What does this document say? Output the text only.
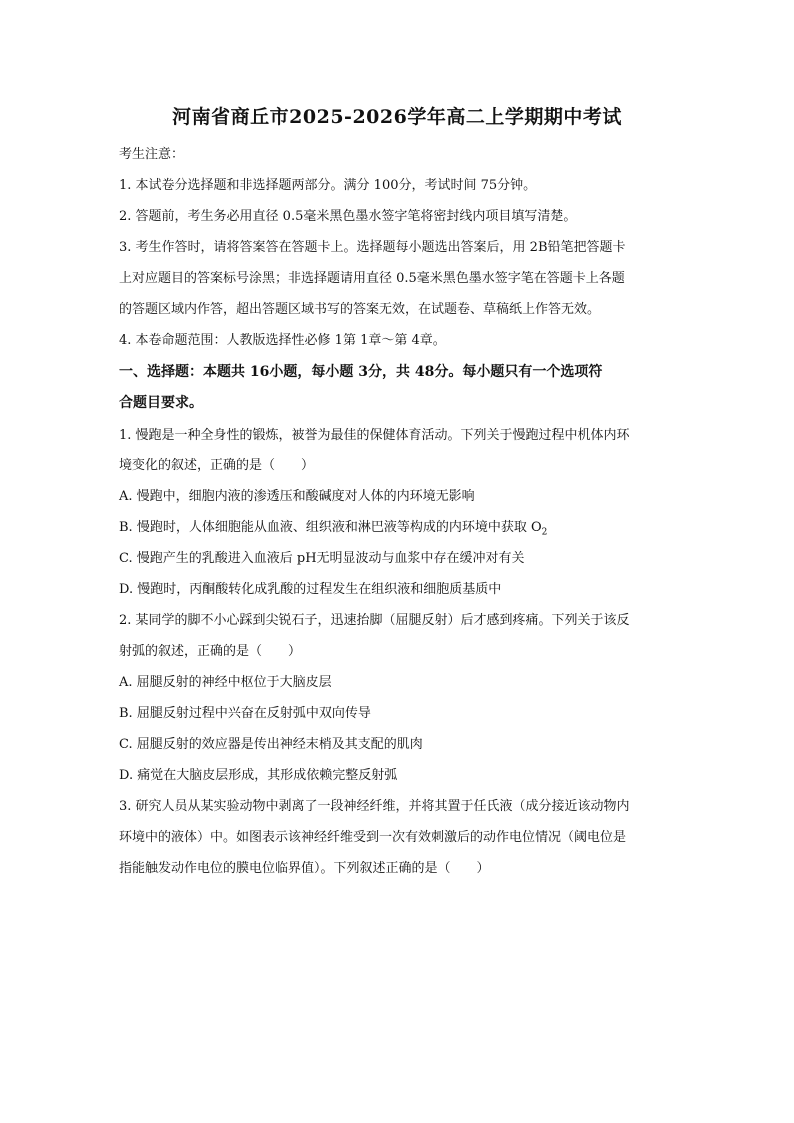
河南省商丘市2025-2026学年高二上学期期中考试
考生注意：
1. 本试卷分选择题和非选择题两部分。满分 100分，考试时间 75分钟。
2. 答题前，考生务必用直径 0.5毫米黑色墨水签字笔将密封线内项目填写清楚。
3. 考生作答时，请将答案答在答题卡上。选择题每小题选出答案后，用 2B铅笔把答题卡
上对应题目的答案标号涂黑；非选择题请用直径 0.5毫米黑色墨水签字笔在答题卡上各题
的答题区域内作答，超出答题区域书写的答案无效，在试题卷、草稿纸上作答无效。
4. 本卷命题范围：人教版选择性必修 1第 1章～第 4章。
一、选择题：本题共 16小题，每小题 3分，共 48分。每小题只有一个选项符
合题目要求。
1. 慢跑是一种全身性的锻炼，被誉为最佳的保健体育活动。下列关于慢跑过程中机体内环
境变化的叙述，正确的是（　　）
A. 慢跑中，细胞内液的渗透压和酸碱度对人体的内环境无影响
B. 慢跑时，人体细胞能从血液、组织液和淋巴液等构成的内环境中获取 $O_2$
C. 慢跑产生的乳酸进入血液后 pH无明显波动与血浆中存在缓冲对有关
D. 慢跑时，丙酮酸转化成乳酸的过程发生在组织液和细胞质基质中
2. 某同学的脚不小心踩到尖锐石子，迅速抬脚（屈腿反射）后才感到疼痛。下列关于该反
射弧的叙述，正确的是（　　）
A. 屈腿反射的神经中枢位于大脑皮层
B. 屈腿反射过程中兴奋在反射弧中双向传导
C. 屈腿反射的效应器是传出神经末梢及其支配的肌肉
D. 痛觉在大脑皮层形成，其形成依赖完整反射弧
3. 研究人员从某实验动物中剥离了一段神经纤维，并将其置于任氏液（成分接近该动物内
环境中的液体）中。如图表示该神经纤维受到一次有效刺激后的动作电位情况（阈电位是
指能触发动作电位的膜电位临界值）。下列叙述正确的是（　　）
